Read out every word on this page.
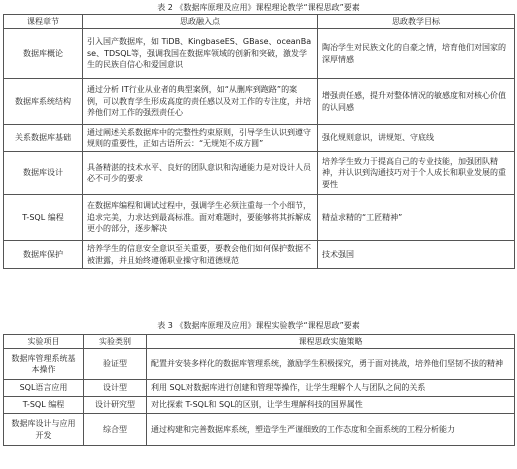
表 2 《数据库原理及应用》课程理论教学“课程思政”要素
课程章节	思政融入点	思政教学目标
数据库概论	引入国产数据库，如 TiDB、KingbaseES、GBase、oceanBase、TDSQL等，强调我国在数据库领域的创新和突破，激发学生的民族自信心和爱国意识	陶冶学生对民族文化的自豪之情，培育他们对国家的深厚情感
数据库系统结构	通过分析 IT行业从业者的典型案例，如“从删库到跑路”的案例，可以教育学生形成高度的责任感以及对工作的专注度，并培养他们对工作的强烈责任心	增强责任感，提升对整体情况的敏感度和对核心价值的认同感
关系数据库基础	通过阐述关系数据库中的完整性约束原则，引导学生认识到遵守规则的重要性，正如古语所云：“无规矩不成方圆”	强化规则意识，讲规矩、守底线
数据库设计	具备精湛的技术水平、良好的团队意识和沟通能力是对设计人员必不可少的要求	培养学生致力于提高自己的专业技能，加强团队精神，并认识到沟通技巧对于个人成长和职业发展的重要性
T-SQL 编程	在数据库编程和调试过程中，强调学生必须注重每一个小细节，追求完美，力求达到最高标准。面对难题时，要能够将其拆解成更小的部分，逐步解决	精益求精的“工匠精神”
数据库保护	培养学生的信息安全意识至关重要，要教会他们如何保护数据不被泄露，并且始终遵循职业操守和道德规范	技术强国
表 3 《数据库原理及应用》课程实验教学“课程思政”要素
实验项目	实验类别	课程思政实施策略
数据库管理系统基本操作	验证型	配置并安装多样化的数据库管理系统，激励学生积极探究，勇于面对挑战，培养他们坚韧不拔的精神
SQL语言应用	设计型	利用 SQL对数据库进行创建和管理等操作，让学生理解个人与团队之间的关系
T-SQL 编程	设计研究型	对比探索 T-SQL和 SQL的区别，让学生理解科技的国界属性
数据库设计与应用开发	综合型	通过构建和完善数据库系统，塑造学生严谨细致的工作态度和全面系统的工程分析能力
